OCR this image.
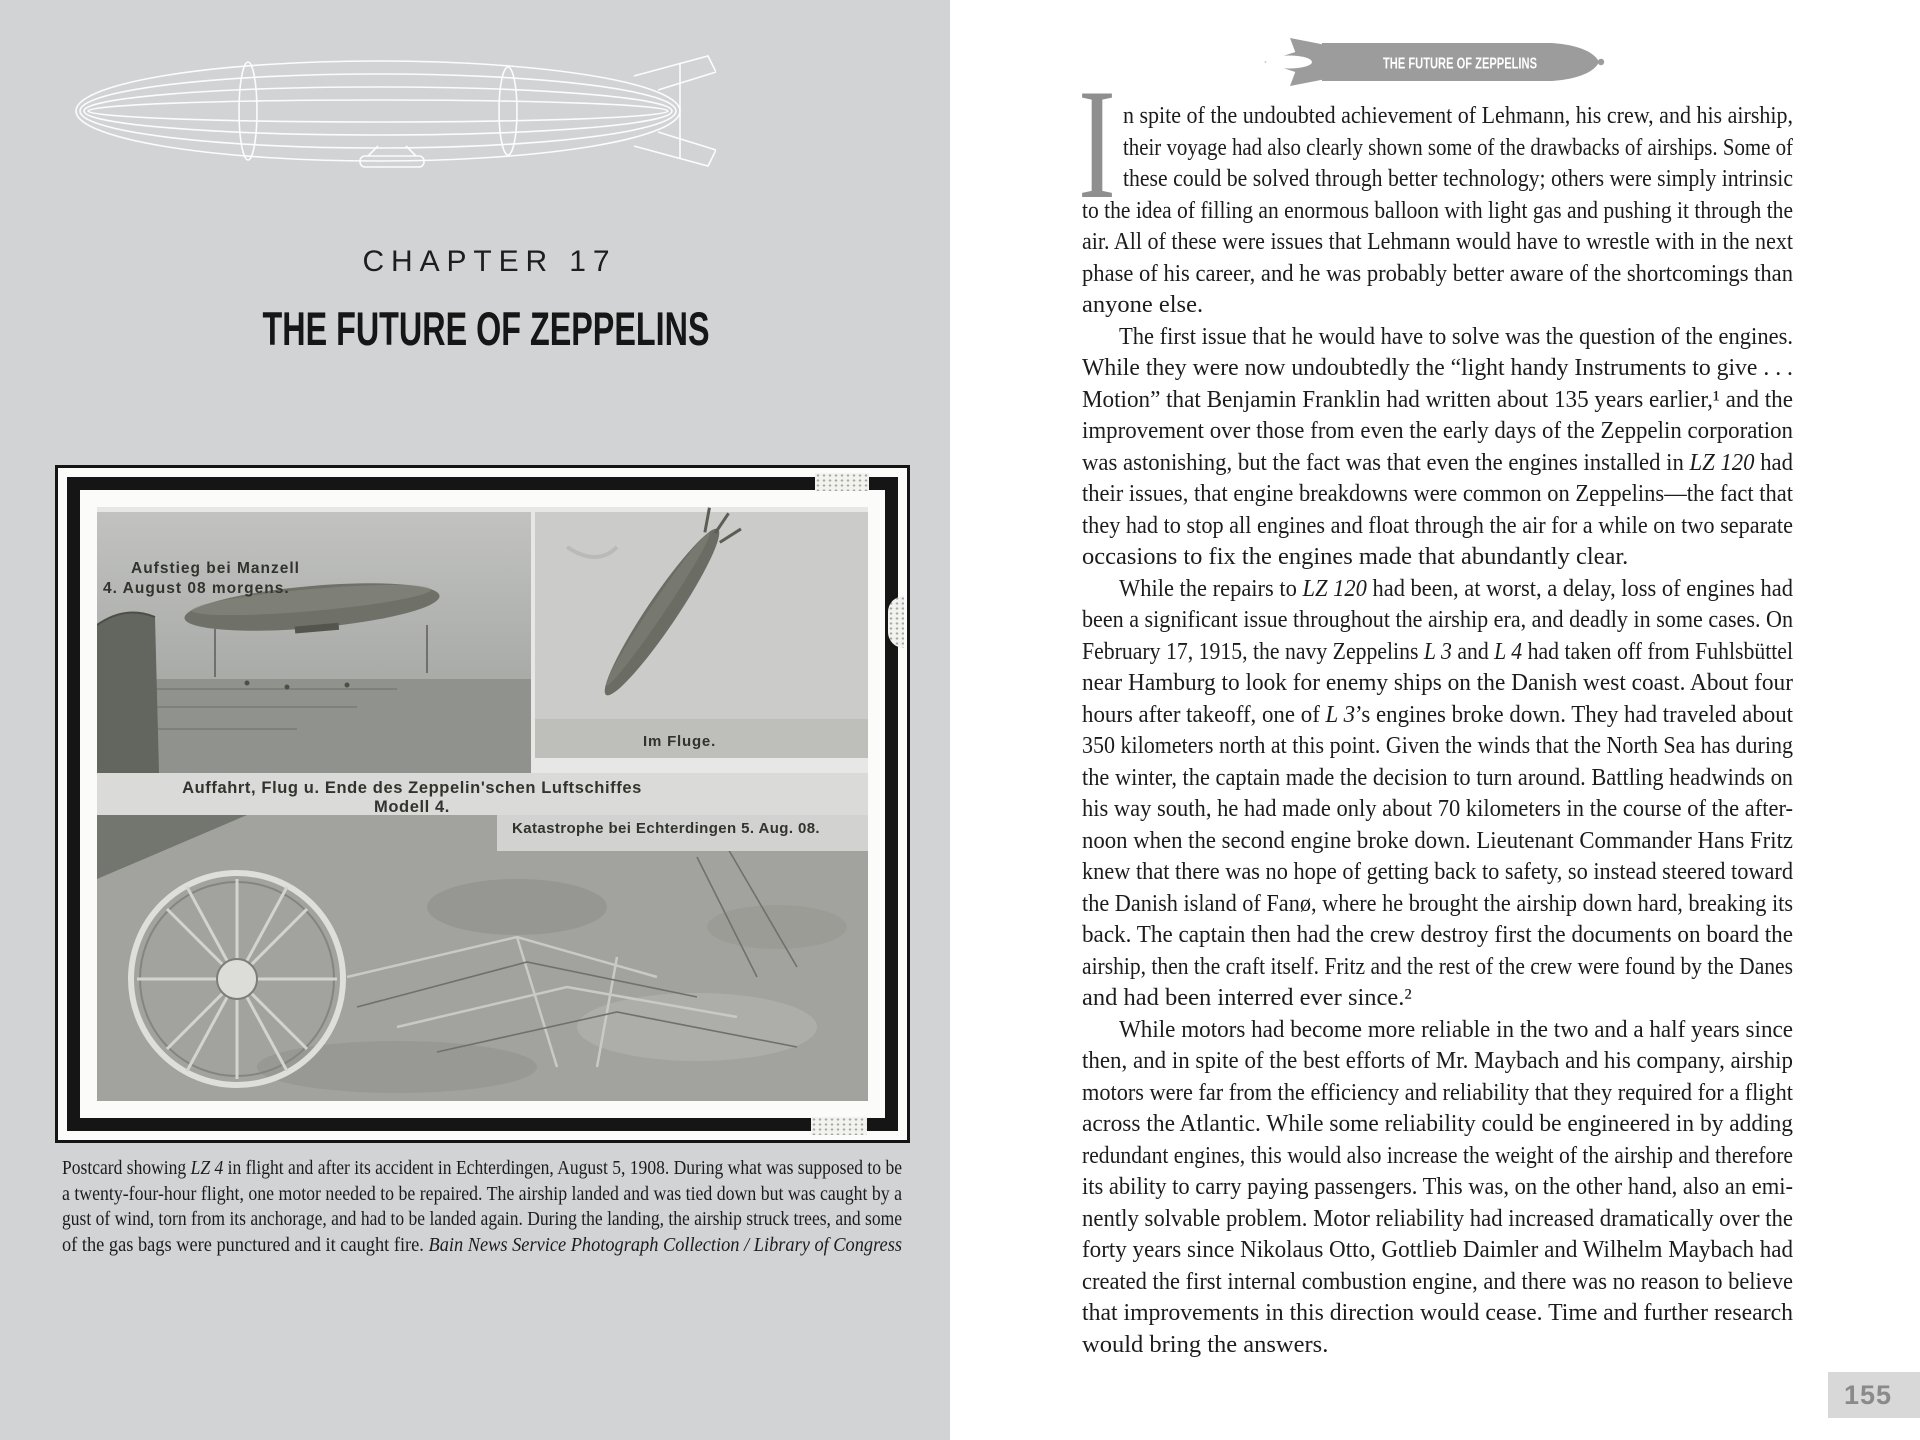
CHAPTER 17
THE FUTURE OF ZEPPELINS
Aufstieg bei Manzell
4. August 08 morgens.
Im Fluge.
Auffahrt, Flug u. Ende des Zeppelin'schen Luftschiffes Modell 4.
Katastrophe bei Echterdingen 5. Aug. 08.
Postcard showing LZ 4 in flight and after its accident in Echterdingen, August 5, 1908. During what was supposed to be
a twenty-four-hour flight, one motor needed to be repaired. The airship landed and was tied down but was caught by a
gust of wind, torn from its anchorage, and had to be landed again. During the landing, the airship struck trees, and some
of the gas bags were punctured and it caught fire. Bain News Service Photograph Collection / Library of Congress
THE FUTURE OF ZEPPELINS
I n spite of the undoubted achievement of Lehmann, his crew, and his airship,
their voyage had also clearly shown some of the drawbacks of airships. Some of
these could be solved through better technology; others were simply intrinsic
to the idea of filling an enormous balloon with light gas and pushing it through the
air. All of these were issues that Lehmann would have to wrestle with in the next
phase of his career, and he was probably better aware of the shortcomings than
anyone else.
The first issue that he would have to solve was the question of the engines.
While they were now undoubtedly the “light handy Instruments to give . . .
Motion” that Benjamin Franklin had written about 135 years earlier,¹ and the
improvement over those from even the early days of the Zeppelin corporation
was astonishing, but the fact was that even the engines installed in LZ 120 had
their issues, that engine breakdowns were common on Zeppelins—the fact that
they had to stop all engines and float through the air for a while on two separate
occasions to fix the engines made that abundantly clear.
While the repairs to LZ 120 had been, at worst, a delay, loss of engines had
been a significant issue throughout the airship era, and deadly in some cases. On
February 17, 1915, the navy Zeppelins L 3 and L 4 had taken off from Fuhlsbüttel
near Hamburg to look for enemy ships on the Danish west coast. About four
hours after takeoff, one of L 3’s engines broke down. They had traveled about
350 kilometers north at this point. Given the winds that the North Sea has during
the winter, the captain made the decision to turn around. Battling headwinds on
his way south, he had made only about 70 kilometers in the course of the after-
noon when the second engine broke down. Lieutenant Commander Hans Fritz
knew that there was no hope of getting back to safety, so instead steered toward
the Danish island of Fanø, where he brought the airship down hard, breaking its
back. The captain then had the crew destroy first the documents on board the
airship, then the craft itself. Fritz and the rest of the crew were found by the Danes
and had been interred ever since.²
While motors had become more reliable in the two and a half years since
then, and in spite of the best efforts of Mr. Maybach and his company, airship
motors were far from the efficiency and reliability that they required for a flight
across the Atlantic. While some reliability could be engineered in by adding
redundant engines, this would also increase the weight of the airship and therefore
its ability to carry paying passengers. This was, on the other hand, also an emi-
nently solvable problem. Motor reliability had increased dramatically over the
forty years since Nikolaus Otto, Gottlieb Daimler and Wilhelm Maybach had
created the first internal combustion engine, and there was no reason to believe
that improvements in this direction would cease. Time and further research
would bring the answers.
155
